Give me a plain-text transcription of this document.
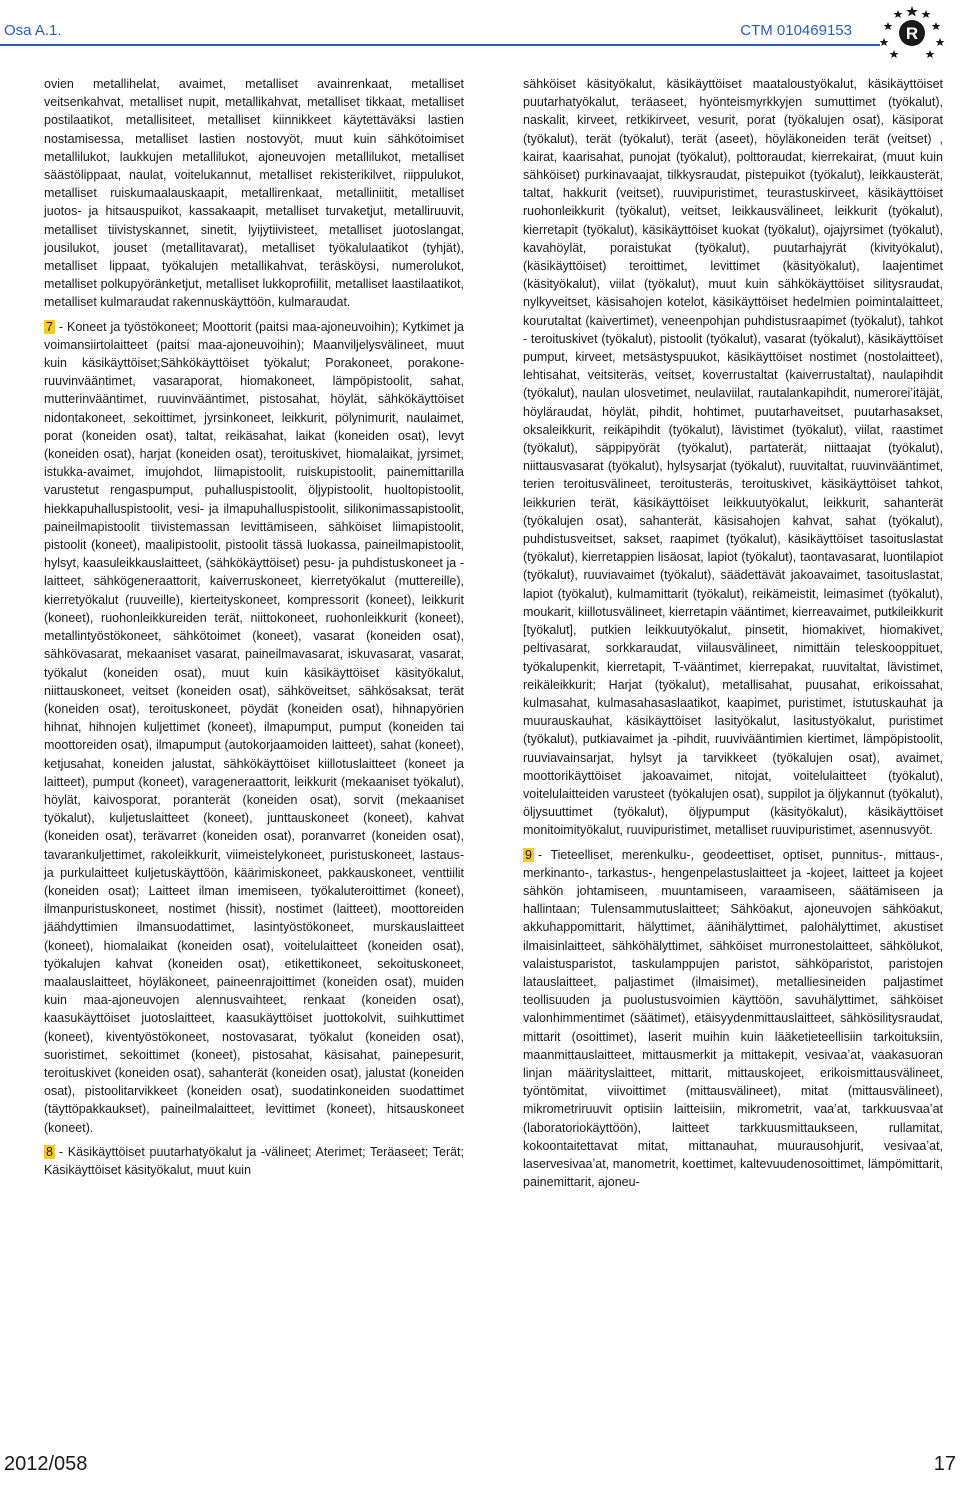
Osa A.1.	CTM 010469153	R

ovien metallihelat, avaimet, metalliset avainrenkaat, metalliset veitsenkahvat, metalliset nupit, metallikahvat, metalliset tikkaat, metalliset postilaatikot, metallisiteet, metalliset kiinnikkeet käytettäväksi lastien nostamisessa, metalliset lastien nostovyöt, muut kuin sähkötoimiset metallilukot, laukkujen metallilukot, ajoneuvojen metallilukot, metalliset säästölippaat, naulat, voitelukannut, metalliset rekisterikilvet, riippulukot, metalliset ruiskumaalauskaapit, metallirenkaat, metalliniitit, metalliset juotos- ja hitsauspuikot, kassakaapit, metalliset turvaketjut, metalliruuvit, metalliset tiivistyskannet, sinetit, lyijytiivisteet, metalliset juotoslangat, jousilukot, jouset (metallitavarat), metalliset työkalulaatikot (tyhjät), metalliset lippaat, työkalujen metallikahvat, teräsköysi, numerolukot, metalliset polkupyöränketjut, metalliset lukkoprofiilit, metalliset laastilaatikot, metalliset kulmaraudat rakennuskäyttöön, kulmaraudat.

7 - Koneet ja työstökoneet; Moottorit (paitsi maa-ajoneuvoihin); Kytkimet ja voimansiirtolaitteet (paitsi maa-ajoneuvoihin); Maanviljelysvälineet, muut kuin käsikäyttöiset;Sähkökäyttöiset työkalut; Porakoneet, porakone-ruuvinvääntimet, vasaraporat, hiomakoneet, lämpöpistoolit, sahat, mutterinvääntimet, ruuvinvääntimet, pistosahat, höylät, sähkökäyttöiset nidontakoneet, sekoittimet, jyrsinkoneet, leikkurit, pölynimurit, naulaimet, porat (koneiden osat), taltat, reikäsahat, laikat (koneiden osat), levyt (koneiden osat), harjat (koneiden osat), teroituskivet, hiomalaikat, jyrsimet, istukka-avaimet, imujohdot, liimapistoolit, ruiskupistoolit, painemittarilla varustetut rengaspumput, puhalluspistoolit, öljypistoolit, huoltopistoolit, hiekkapuhalluspistoolit, vesi- ja ilmapuhalluspistoolit, silikonimassapistoolit, paineilmapistoolit tiivistemassan levittämiseen, sähköiset liimapistoolit, pistoolit (koneet), maalipistoolit, pistoolit tässä luokassa, paineilmapistoolit, hylsyt, kaasuleikkauslaitteet, (sähkökäyttöiset) pesu- ja puhdistuskoneet ja -laitteet, sähkögeneraattorit, kaiverruskoneet, kierretyökalut (muttereille), kierretyökalut (ruuveille), kierteityskoneet, kompressorit (koneet), leikkurit (koneet), ruohonleikkureiden terät, niittokoneet, ruohonleikkurit (koneet), metallintyöstökoneet, sähkötoimet (koneet), vasarat (koneiden osat), sähkövasarat, mekaaniset vasarat, paineilmavasarat, iskuvasarat, vasarat, työkalut (koneiden osat), muut kuin käsikäyttöiset käsityökalut, niittauskoneet, veitset (koneiden osat), sähköveitset, sähkösaksat, terät (koneiden osat), teroituskoneet, pöydät (koneiden osat), hihnapyörien hihnat, hihnojen kuljettimet (koneet), ilmapumput, pumput (koneiden tai moottoreiden osat), ilmapumput (autokorjaamoiden laitteet), sahat (koneet), ketjusahat, koneiden jalustat, sähkökäyttöiset kiillotuslaitteet (koneet ja laitteet), pumput (koneet), varageneraattorit, leikkurit (mekaaniset työkalut), höylät, kaivosporat, poranterät (koneiden osat), sorvit (mekaaniset työkalut), kuljetuslaitteet (koneet), junttauskoneet (koneet), kahvat (koneiden osat), terävarret (koneiden osat), poranvarret (koneiden osat), tavarankuljettimet, rakoleikkurit, viimeistelykoneet, puristuskoneet, lastaus- ja purkulaitteet kuljetuskäyttöön, käärimiskoneet, pakkauskoneet, venttiilit (koneiden osat); Laitteet ilman imemiseen, työkaluteroittimet (koneet), ilmanpuristuskoneet, nostimet (hissit), nostimet (laitteet), moottoreiden jäähdyttimien ilmansuodattimet, lasintyöstökoneet, murskauslaitteet (koneet), hiomalaikat (koneiden osat), voitelulaitteet (koneiden osat), työkalujen kahvat (koneiden osat), etikettikoneet, sekoituskoneet, maalauslaitteet, höyläkoneet, paineenrajoittimet (koneiden osat), muiden kuin maa-ajoneuvojen alennusvaihteet, renkaat (koneiden osat), kaasukäyttöiset juotoslaitteet, kaasukäyttöiset juottokolvit, suihkuttimet (koneet), kiventyöstökoneet, nostovasarat, työkalut (koneiden osat), suoristimet, sekoittimet (koneet), pistosahat, käsisahat, painepesurit, teroituskivet (koneiden osat), sahanterät (koneiden osat), jalustat (koneiden osat), pistoolitarvikkeet (koneiden osat), suodatinkoneiden suodattimet (täyttöpakkaukset), paineilmalaitteet, levittimet (koneet), hitsauskoneet (koneet).

8 - Käsikäyttöiset puutarhatyökalut ja -välineet; Aterimet; Teräaseet; Terät; Käsikäyttöiset käsityökalut, muut kuin

sähköiset käsityökalut, käsikäyttöiset maataloustyökalut, käsikäyttöiset puutarhatyökalut, teräaseet, hyönteismyrkkyjen sumuttimet (työkalut), naskalit, kirveet, retkikirveet, vesurit, porat (työkalujen osat), käsiporat (työkalut), terät (työkalut), terät (aseet), höyläkoneiden terät (veitset) , kairat, kaarisahat, punojat (työkalut), polttoraudat, kierrekairat, (muut kuin sähköiset) purkinavaajat, tilkkysraudat, pistepuikot (työkalut), leikkausterät, taltat, hakkurit (veitset), ruuvipuristimet, teurastuskirveet, käsikäyttöiset ruohonleikkurit (työkalut), veitset, leikkausvälineet, leikkurit (työkalut), kierretapit (työkalut), käsikäyttöiset kuokat (työkalut), ojajyrsimet (työkalut), kavahöylät, poraistukat (työkalut), puutarhajyrät (kivityökalut), (käsikäyttöiset) teroittimet, levittimet (käsityökalut), laajentimet (käsityökalut), viilat (työkalut), muut kuin sähkökäyttöiset silitysraudat, nylkyveitset, käsisahojen kotelot, käsikäyttöiset hedelmien poimintalaitteet, kourutaltat (kaivertimet), veneenpohjan puhdistusraapimet (työkalut), tahkot - teroituskivet (työkalut), pistoolit (työkalut), vasarat (työkalut), käsikäyttöiset pumput, kirveet, metsästyspuukot, käsikäyttöiset nostimet (nostolaitteet), lehtisahat, veitsiteräs, veitset, koverrustaltat (kaiverrustaltat), naulapihdit (työkalut), naulan ulosvetimet, neulaviilat, rautalankapihdit, numeroreiʼitäjät, höyläraudat, höylät, pihdit, hohtimet, puutarhaveitset, puutarhasakset, oksaleikkurit, reikäpihdit (työkalut), lävistimet (työkalut), viilat, raastimet (työkalut), säppipyörät (työkalut), partaterät, niittaajat (työkalut), niittausvasarat (työkalut), hylsysarjat (työkalut), ruuvitaltat, ruuvinvääntimet, terien teroitusvälineet, teroitusteräs, teroituskivet, käsikäyttöiset tahkot, leikkurien terät, käsikäyttöiset leikkuutyökalut, leikkurit, sahanterät (työkalujen osat), sahanterät, käsisahojen kahvat, sahat (työkalut), puhdistusveitset, sakset, raapimet (työkalut), käsikäyttöiset tasoituslastat (työkalut), kierretappien lisäosat, lapiot (työkalut), taontavasarat, luontilapiot (työkalut), ruuviavaimet (työkalut), säädettävät jakoavaimet, tasoituslastat, lapiot (työkalut), kulmamittarit (työkalut), reikämeistit, leimasimet (työkalut), moukarit, kiillotusvälineet, kierretapin vääntimet, kierreavaimet, putkileikkurit [työkalut], putkien leikkuutyökalut, pinsetit, hiomakivet, hiomakivet, peltivasarat, sorkkaraudat, viilausvälineet, nimittäin teleskooppituet, työkalupenkit, kierretapit, T-vääntimet, kierrepakat, ruuvitaltat, lävistimet, reikäleikkurit; Harjat (työkalut), metallisahat, puusahat, erikoissahat, kulmasahat, kulmasahasaslaatikot, kaapimet, puristimet, istutuskauhat ja muurauskauhat, käsikäyttöiset lasityökalut, lasitustyökalut, puristimet (työkalut), putkiavaimet ja -pihdit, ruuvivääntimien kiertimet, lämpöpistoolit, ruuviavainsarjat, hylsyt ja tarvikkeet (työkalujen osat), avaimet, moottorikäyttöiset jakoavaimet, nitojat, voitelulaitteet (työkalut), voitelulaitteiden varusteet (työkalujen osat), suppilot ja öljykannut (työkalut), öljysuuttimet (työkalut), öljypumput (käsityökalut), käsikäyttöiset monitoimityökalut, ruuvipuristimet, metalliset ruuvipuristimet, asennusvyöt.

9 - Tieteelliset, merenkulku-, geodeettiset, optiset, punnitus-, mittaus-, merkinanto-, tarkastus-, hengenpelastuslaitteet ja -kojeet, laitteet ja kojeet sähkön johtamiseen, muuntamiseen, varaamiseen, säätämiseen ja hallintaan; Tulensammutuslaitteet; Sähköakut, ajoneuvojen sähköakut, akkuhappomittarit, hälyttimet, äänihälyttimet, palohälyttimet, akustiset ilmaisinlaitteet, sähköhälyttimet, sähköiset murronestolaitteet, sähkölukot, valaistusparistot, taskulamppujen paristot, sähköparistot, paristojen latauslaitteet, paljastimet (ilmaisimet), metalliesineiden paljastimet teollisuuden ja puolustusvoimien käyttöön, savuhälyttimet, sähköiset valonhimmentimet (säätimet), etäisyydenmittauslaitteet, sähkösilitysraudat, mittarit (osoittimet), laserit muihin kuin lääketieteellisiin tarkoituksiin, maanmittauslaitteet, mittausmerkit ja mittakepit, vesivaaʼat, vaakasuoran linjan määrityslaitteet, mittarit, mittauskojeet, erikoismittausvälineet, työntömitat, viivoittimet (mittausvälineet), mitat (mittausvälineet), mikrometriruuvit optisiin laitteisiin, mikrometrit, vaaʼat, tarkkuusvaaʼat (laboratoriokäyttöön), laitteet tarkkuusmittaukseen, rullamitat, kokoontaitettavat mitat, mittanauhat, muurausohjurit, vesivaaʼat, laservesivaaʼat, manometrit, koettimet, kaltevuudenosoittimet, lämpömittarit, painemittarit, ajoneu-

2012/058	17
